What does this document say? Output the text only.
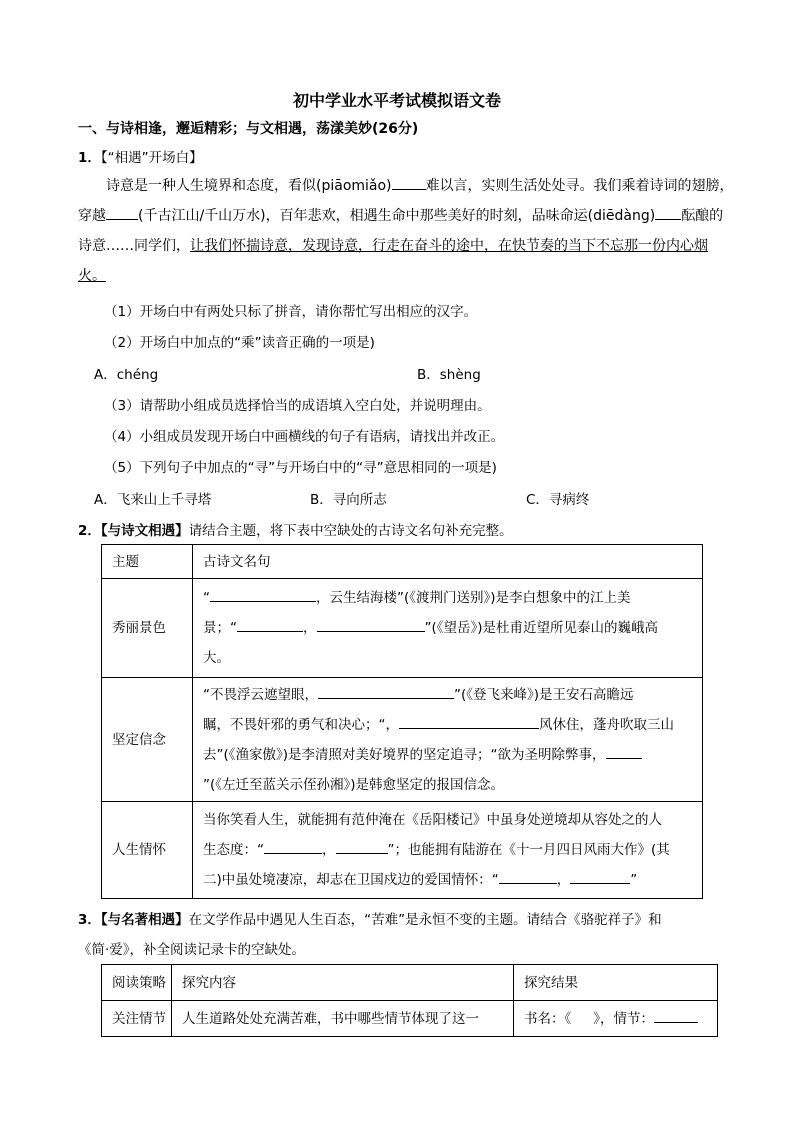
初中学业水平考试模拟语文卷
一、与诗相逢，邂逅精彩；与文相遇，荡漾美妙(26分)
1．【“相遇”开场白】
诗意是一种人生境界和态度，看似(piāomiǎo) 难以言，实则生活处处寻。我们乘着诗词的翅膀，
穿越 (千古江山/千山万水)，百年悲欢，相遇生命中那些美好的时刻，品味命运(diēdàng) 酝酿的
诗意……同学们，让我们怀揣诗意，发现诗意，行走在奋斗的途中，在快节奏的当下不忘那一份内心烟
火。
（1）开场白中有两处只标了拼音，请你帮忙写出相应的汉字。
（2）开场白中加点的“乘”读音正确的一项是)
A．chéng	B．shèng
（3）请帮助小组成员选择恰当的成语填入空白处，并说明理由。
（4）小组成员发现开场白中画横线的句子有语病，请找出并改正。
（5）下列句子中加点的“寻”与开场白中的“寻”意思相同的一项是)
A．飞来山上千寻塔	B．寻向所志	C．寻病终
2．【与诗文相遇】请结合主题，将下表中空缺处的古诗文名句补充完整。
主题	古诗文名句
秀丽景色	“ ，云生结海楼”(《渡荆门送别》)是李白想象中的江上美
景；“ ， ”(《望岳》)是杜甫近望所见泰山的巍峨高
大。

坚定信念	“不畏浮云遮望眼， ”(《登飞来峰》)是王安石高瞻远
瞩，不畏奸邪的勇气和决心；“， 风休住，蓬舟吹取三山
去”(《渔家傲》)是李清照对美好境界的坚定追寻；“欲为圣明除弊事，
”(《左迁至蓝关示侄孙湘》)是韩愈坚定的报国信念。

人生情怀	当你笑看人生，就能拥有范仲淹在《岳阳楼记》中虽身处逆境却从容处之的人
生态度：“ ， ”；也能拥有陆游在《十一月四日风雨大作》(其
二)中虽处境凄凉，却志在卫国戍边的爱国情怀：“ ， ”
3．【与名著相遇】在文学作品中遇见人生百态，“苦难”是永恒不变的主题。请结合《骆驼祥子》和
《简·爱》，补全阅读记录卡的空缺处。
阅读策略	探究内容	探究结果
关注情节	人生道路处处充满苦难，书中哪些情节体现了这一	书名：《 》，情节：
